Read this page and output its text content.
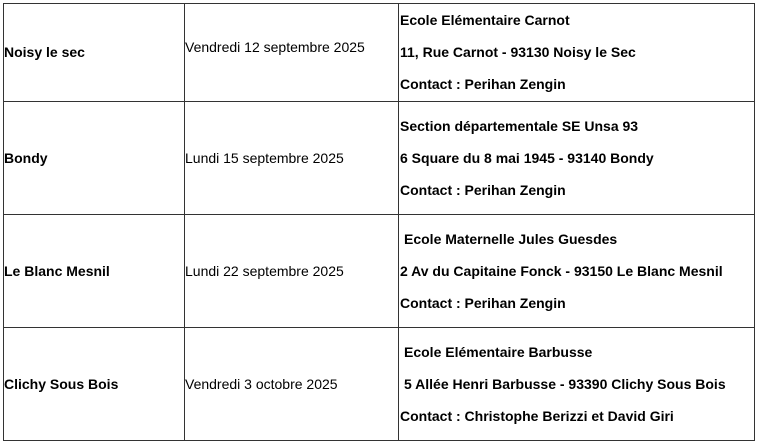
Noisy le sec	Vendredi 12 septembre 2025	Ecole Elémentaire Carnot
11, Rue Carnot - 93130 Noisy le Sec
Contact : Perihan Zengin

Bondy	Lundi 15 septembre 2025	Section départementale SE Unsa 93
6 Square du 8 mai 1945 - 93140 Bondy
Contact : Perihan Zengin

Le Blanc Mesnil	Lundi 22 septembre 2025	Ecole Maternelle Jules Guesdes
2 Av du Capitaine Fonck - 93150 Le Blanc Mesnil
Contact : Perihan Zengin

Clichy Sous Bois	Vendredi 3 octobre 2025	Ecole Elémentaire Barbusse
5 Allée Henri Barbusse - 93390 Clichy Sous Bois
Contact : Christophe Berizzi et David Giri
